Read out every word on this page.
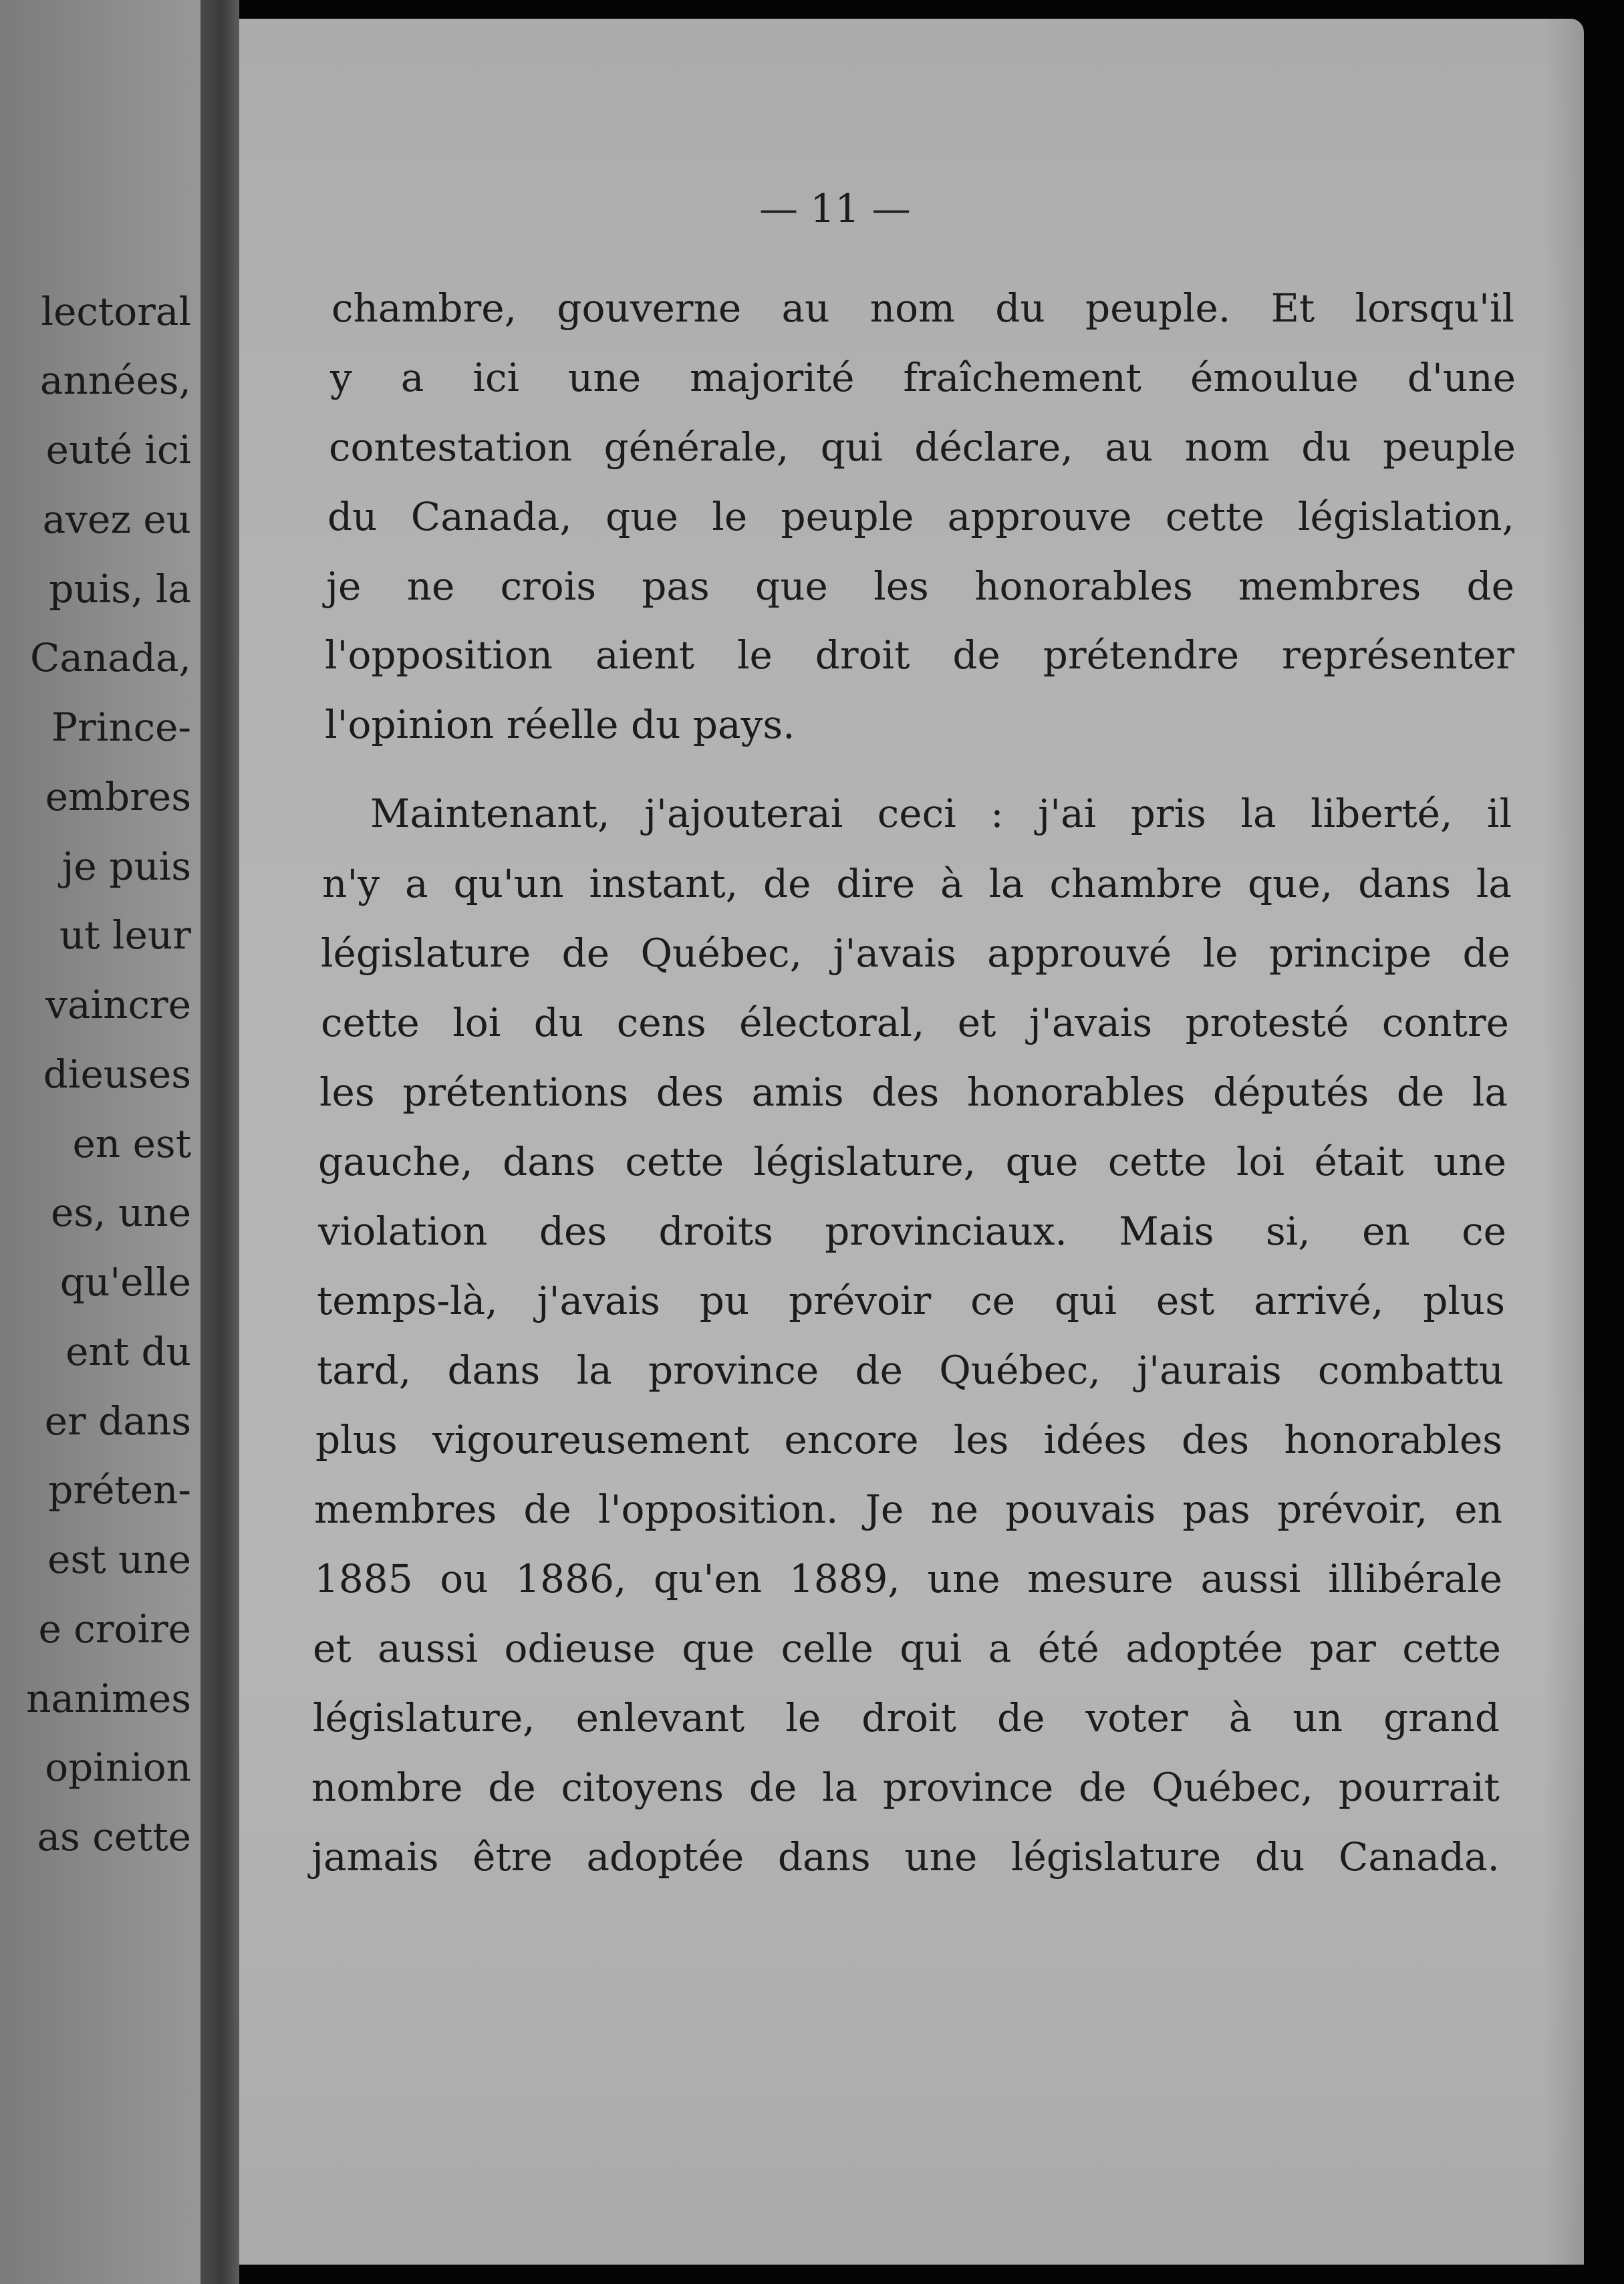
lectoral

années,

euté ici

avez eu

puis, la

Canada,

Prince-

embres

je puis

ut leur

vaincre

dieuses

en est

es, une

qu'elle

ent du

er dans

préten-

est une

e croire

nanimes

opinion

as cette

— 11 —

chambre, gouverne au nom du peuple. Et lorsqu'il

y a ici une majorité fraîchement émoulue d'une

contestation générale, qui déclare, au nom du peuple

du Canada, que le peuple approuve cette législation,

je ne crois pas que les honorables membres de

l'opposition aient le droit de prétendre représenter

l'opinion réelle du pays.

Maintenant, j'ajouterai ceci : j'ai pris la liberté, il

n'y a qu'un instant, de dire à la chambre que, dans la

législature de Québec, j'avais approuvé le principe de

cette loi du cens électoral, et j'avais protesté contre

les prétentions des amis des honorables députés de la

gauche, dans cette législature, que cette loi était une

violation des droits provinciaux. Mais si, en ce

temps-là, j'avais pu prévoir ce qui est arrivé, plus

tard, dans la province de Québec, j'aurais combattu

plus vigoureusement encore les idées des honorables

membres de l'opposition. Je ne pouvais pas prévoir, en

1885 ou 1886, qu'en 1889, une mesure aussi illibérale

et aussi odieuse que celle qui a été adoptée par cette

législature, enlevant le droit de voter à un grand

nombre de citoyens de la province de Québec, pourrait

jamais être adoptée dans une législature du Canada.
